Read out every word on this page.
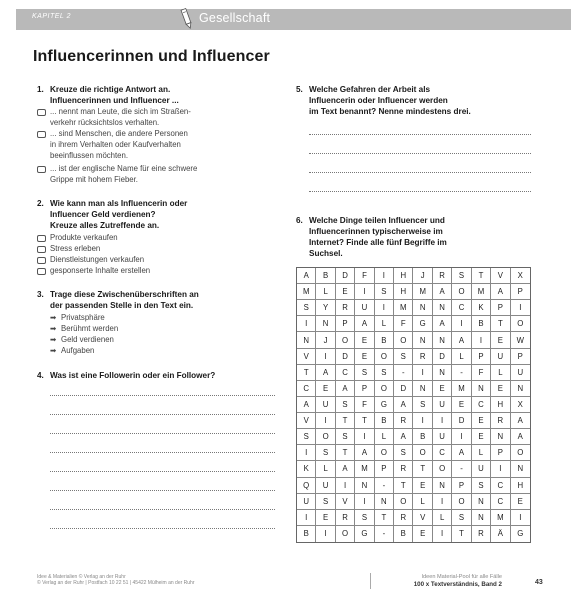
KAPITEL 2	Gesellschaft
Influencerinnen und Influencer
1. Kreuze die richtige Antwort an.
Influencerinnen und Influencer ...
... nennt man Leute, die sich im Straßen-
verkehr rücksichtslos verhalten.
... sind Menschen, die andere Personen
in ihrem Verhalten oder Kaufverhalten
beeinflussen möchten.
... ist der englische Name für eine schwere
Grippe mit hohem Fieber.
2. Wie kann man als Influencerin oder
Influencer Geld verdienen?
Kreuze alles Zutreffende an.
Produkte verkaufen
Stress erleben
Dienstleistungen verkaufen
gesponserte Inhalte erstellen
3. Trage diese Zwischenüberschriften an
der passenden Stelle in den Text ein.
➡ Privatsphäre
➡ Berühmt werden
➡ Geld verdienen
➡ Aufgaben
4. Was ist eine Followerin oder ein Follower?
5. Welche Gefahren der Arbeit als
Influencerin oder Influencer werden
im Text benannt? Nenne mindestens drei.
6. Welche Dinge teilen Influencer und
Influencerinnen typischerweise im
Internet? Finde alle fünf Begriffe im
Suchsel.
A	B	D	F	I	H	J	R	S	T	V	X
M	L	E	I	S	H	M	A	O	M	A	P
S	Y	R	U	I	M	N	N	C	K	P	I
I	N	P	A	L	F	G	A	I	B	T	O
N	J	O	E	B	O	N	N	A	I	E	W
V	I	D	E	O	S	R	D	L	P	U	P
T	A	C	S	S	-	I	N	-	F	L	U
C	E	A	P	O	D	N	E	M	N	E	N
A	U	S	F	G	A	S	U	E	C	H	X
V	I	T	T	B	R	I	I	D	E	R	A
S	O	S	I	L	A	B	U	I	E	N	A
I	S	T	A	O	S	O	C	A	L	P	O
K	L	A	M	P	R	T	O	-	U	I	N
Q	U	I	N	-	T	E	N	P	S	C	H
U	S	V	I	N	O	L	I	O	N	C	E
I	E	R	S	T	R	V	L	S	N	M	I
B	I	O	G	-	B	E	I	T	R	Ä	G
Idee & Materialien © Verlag an der Ruhr
© Verlag an der Ruhr | Postfach 10 22 51 | 45422 Mülheim an der Ruhr
Ideen Material-Pool für alle Fälle
100 x Textverständnis, Band 2	43
